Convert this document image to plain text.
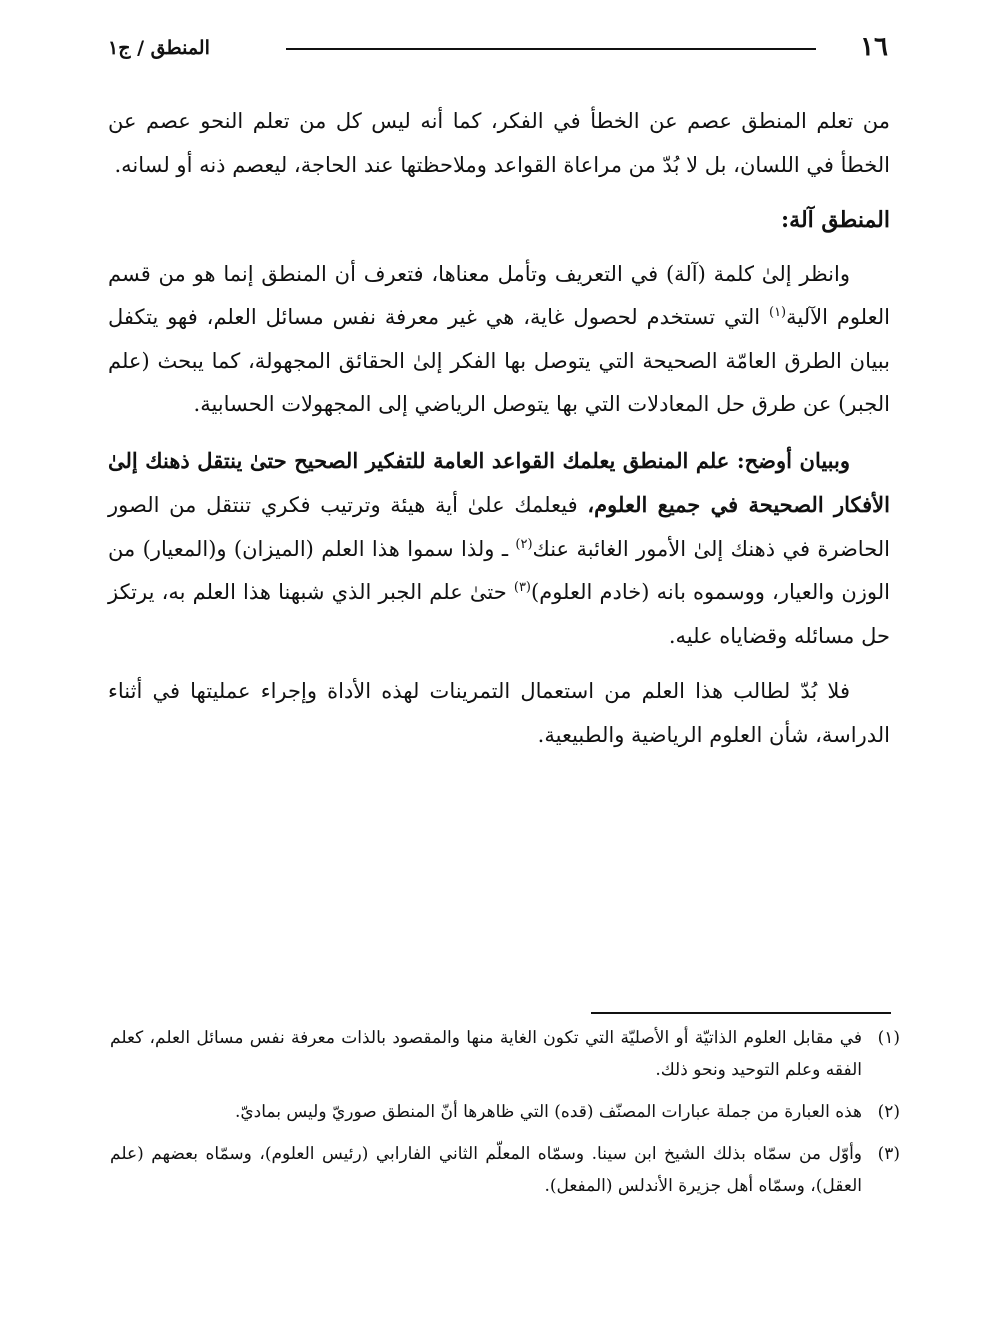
١٦
المنطق / ج١

من تعلم المنطق عصم عن الخطأ في الفكر، كما أنه ليس كل من تعلم النحو عصم عن الخطأ في اللسان، بل لا بُدّ من مراعاة القواعد وملاحظتها عند الحاجة، ليعصم ذنه أو لسانه.

المنطق آلة:

وانظر إلىٰ كلمة (آلة) في التعريف وتأمل معناها، فتعرف أن المنطق إنما هو من قسم العلوم الآلية$^{(١)}$ التي تستخدم لحصول غاية، هي غير معرفة نفس مسائل العلم، فهو يتكفل ببيان الطرق العامّة الصحيحة التي يتوصل بها الفكر إلىٰ الحقائق المجهولة، كما يبحث (علم الجبر) عن طرق حل المعادلات التي بها يتوصل الرياضي إلى المجهولات الحسابية.

وببيان أوضح: علم المنطق يعلمك القواعد العامة للتفكير الصحيح حتىٰ ينتقل ذهنك إلىٰ الأفكار الصحيحة في جميع العلوم، فيعلمك علىٰ أية هيئة وترتيب فكري تنتقل من الصور الحاضرة في ذهنك إلىٰ الأمور الغائبة عنك$^{(٢)}$ ـ ولذا سموا هذا العلم (الميزان) و(المعيار) من الوزن والعيار، ووسموه بانه (خادم العلوم)$^{(٣)}$ حتىٰ علم الجبر الذي شبهنا هذا العلم به، يرتكز حل مسائله وقضاياه عليه.

فلا بُدّ لطالب هذا العلم من استعمال التمرينات لهذه الأداة وإجراء عمليتها في أثناء الدراسة، شأن العلوم الرياضية والطبيعية.

(١)
في مقابل العلوم الذاتيّة أو الأصليّة التي تكون الغاية منها والمقصود بالذات معرفة نفس مسائل العلم، كعلم الفقه وعلم التوحيد ونحو ذلك.
(٢)
هذه العبارة من جملة عبارات المصنّف (قده) التي ظاهرها أنّ المنطق صوريّ وليس بماديّ.
(٣)
وأوّل من سمّاه بذلك الشيخ ابن سينا. وسمّاه المعلّم الثاني الفارابي (رئيس العلوم)، وسمّاه بعضهم (علم العقل)، وسمّاه أهل جزيرة الأندلس (المفعل).
